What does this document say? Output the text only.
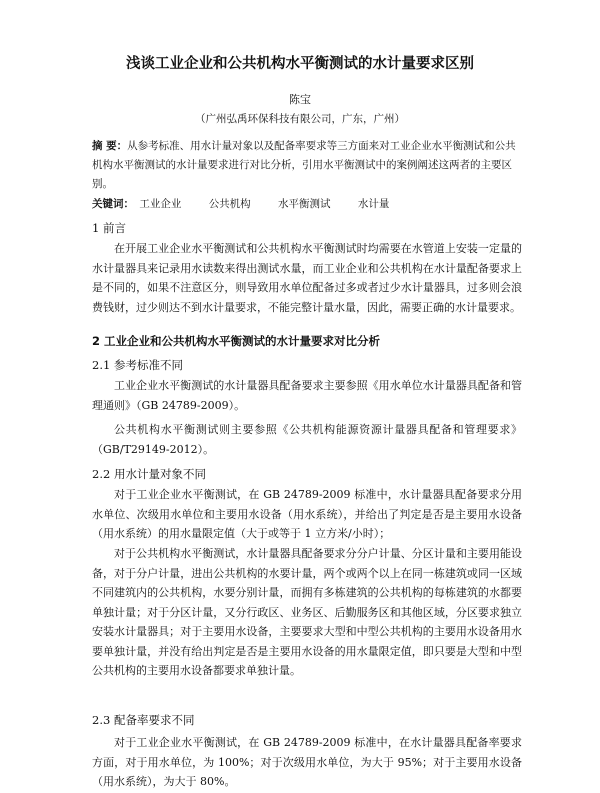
浅谈工业企业和公共机构水平衡测试的水计量要求区别
陈宝
（广州弘禹环保科技有限公司，广东，广州）
摘 要：从参考标准、用水计量对象以及配备率要求等三方面来对工业企业水平衡测试和公共机构水平衡测试的水计量要求进行对比分析，引用水平衡测试中的案例阐述这两者的主要区别。
关键词： 工业企业	公共机构	水平衡测试	水计量
1 前言
在开展工业企业水平衡测试和公共机构水平衡测试时均需要在水管道上安装一定量的水计量器具来记录用水读数来得出测试水量，而工业企业和公共机构在水计量配备要求上是不同的，如果不注意区分，则导致用水单位配备过多或者过少水计量器具，过多则会浪费钱财，过少则达不到水计量要求，不能完整计量水量，因此，需要正确的水计量要求。
2 工业企业和公共机构水平衡测试的水计量要求对比分析
2.1 参考标准不同
工业企业水平衡测试的水计量器具配备要求主要参照《用水单位水计量器具配备和管理通则》（GB 24789-2009）。
公共机构水平衡测试则主要参照《公共机构能源资源计量器具配备和管理要求》（GB/T29149-2012）。
2.2 用水计量对象不同
对于工业企业水平衡测试，在 GB 24789-2009 标准中，水计量器具配备要求分用水单位、次级用水单位和主要用水设备（用水系统），并给出了判定是否是主要用水设备（用水系统）的用水量限定值（大于或等于 1 立方米/小时）；
对于公共机构水平衡测试，水计量器具配备要求分分户计量、分区计量和主要用能设备，对于分户计量，进出公共机构的水要计量，两个或两个以上在同一栋建筑或同一区域不同建筑内的公共机构，水要分别计量，而拥有多栋建筑的公共机构的每栋建筑的水都要单独计量；对于分区计量，又分行政区、业务区、后勤服务区和其他区域，分区要求独立安装水计量器具；对于主要用水设备，主要要求大型和中型公共机构的主要用水设备用水要单独计量，并没有给出判定是否是主要用水设备的用水量限定值，即只要是大型和中型公共机构的主要用水设备都要求单独计量。
2.3 配备率要求不同
对于工业企业水平衡测试，在 GB 24789-2009 标准中，在水计量器具配备率要求方面，对于用水单位，为 100%；对于次级用水单位，为大于 95%；对于主要用水设备（用水系统），为大于 80%。
